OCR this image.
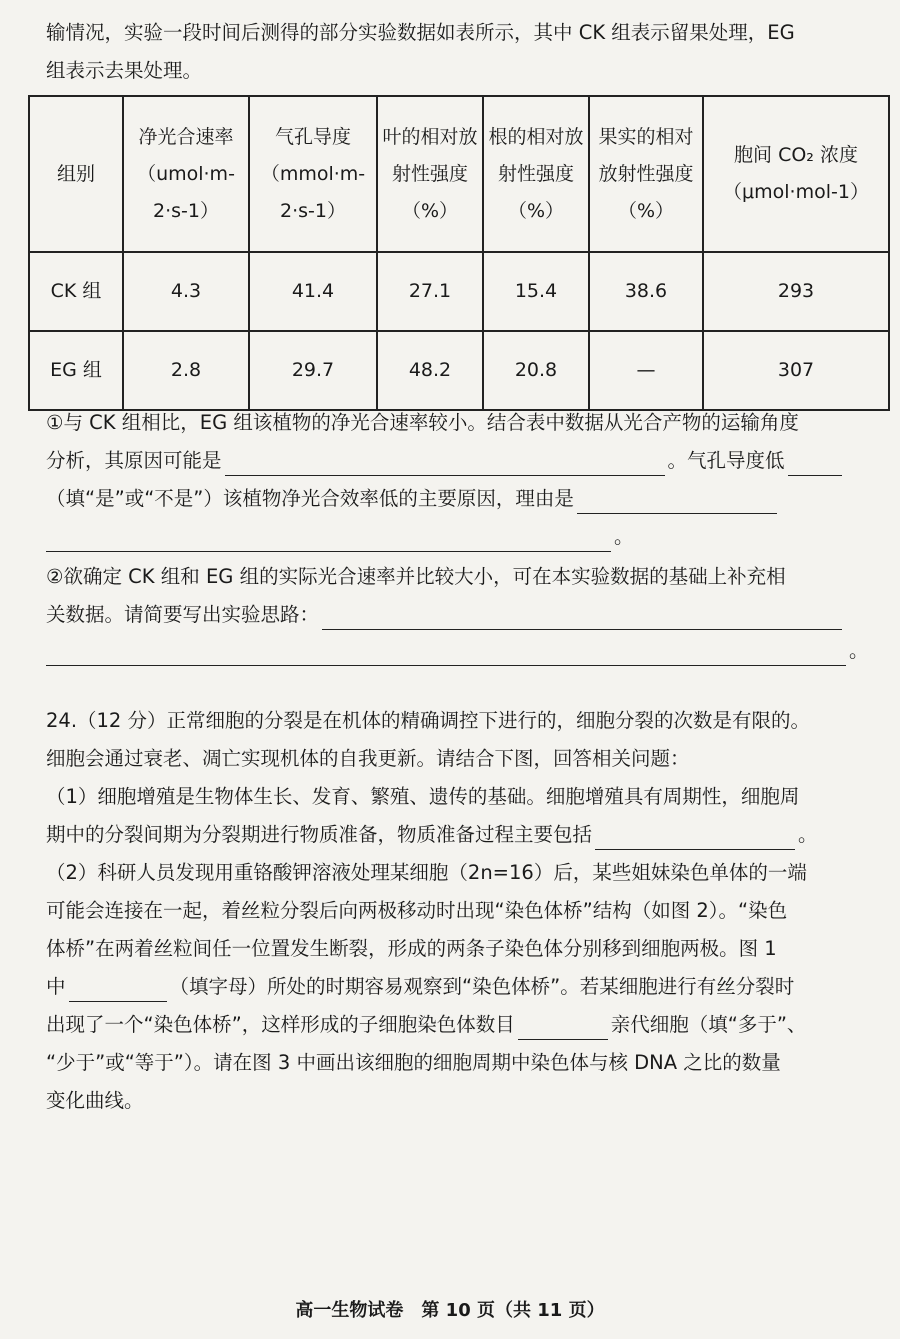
输情况，实验一段时间后测得的部分实验数据如表所示，其中 CK 组表示留果处理，EG
组表示去果处理。
组别	净光合速率（umol·m-2·s-1）	气孔导度（mmol·m-2·s-1）	叶的相对放射性强度（%）	根的相对放射性强度（%）	果实的相对放射性强度（%）	胞间 CO₂ 浓度（μmol·mol-1）
CK 组	4.3	41.4	27.1	15.4	38.6	293
EG 组	2.8	29.7	48.2	20.8	—	307
①与 CK 组相比，EG 组该植物的净光合速率较小。结合表中数据从光合产物的运输角度
分析，其原因可能是	。气孔导度低
（填“是”或“不是”）该植物净光合效率低的主要原因，理由是
。
②欲确定 CK 组和 EG 组的实际光合速率并比较大小，可在本实验数据的基础上补充相
关数据。请简要写出实验思路：
。
24.（12 分）正常细胞的分裂是在机体的精确调控下进行的，细胞分裂的次数是有限的。
细胞会通过衰老、凋亡实现机体的自我更新。请结合下图，回答相关问题：
（1）细胞增殖是生物体生长、发育、繁殖、遗传的基础。细胞增殖具有周期性，细胞周
期中的分裂间期为分裂期进行物质准备，物质准备过程主要包括	。
（2）科研人员发现用重铬酸钾溶液处理某细胞（2n=16）后，某些姐妹染色单体的一端
可能会连接在一起，着丝粒分裂后向两极移动时出现“染色体桥”结构（如图 2）。“染色
体桥”在两着丝粒间任一位置发生断裂，形成的两条子染色体分别移到细胞两极。图 1
中	（填字母）所处的时期容易观察到“染色体桥”。若某细胞进行有丝分裂时
出现了一个“染色体桥”，这样形成的子细胞染色体数目	亲代细胞（填“多于”、
“少于”或“等于”）。请在图 3 中画出该细胞的细胞周期中染色体与核 DNA 之比的数量
变化曲线。
高一生物试卷　第 10 页（共 11 页）
